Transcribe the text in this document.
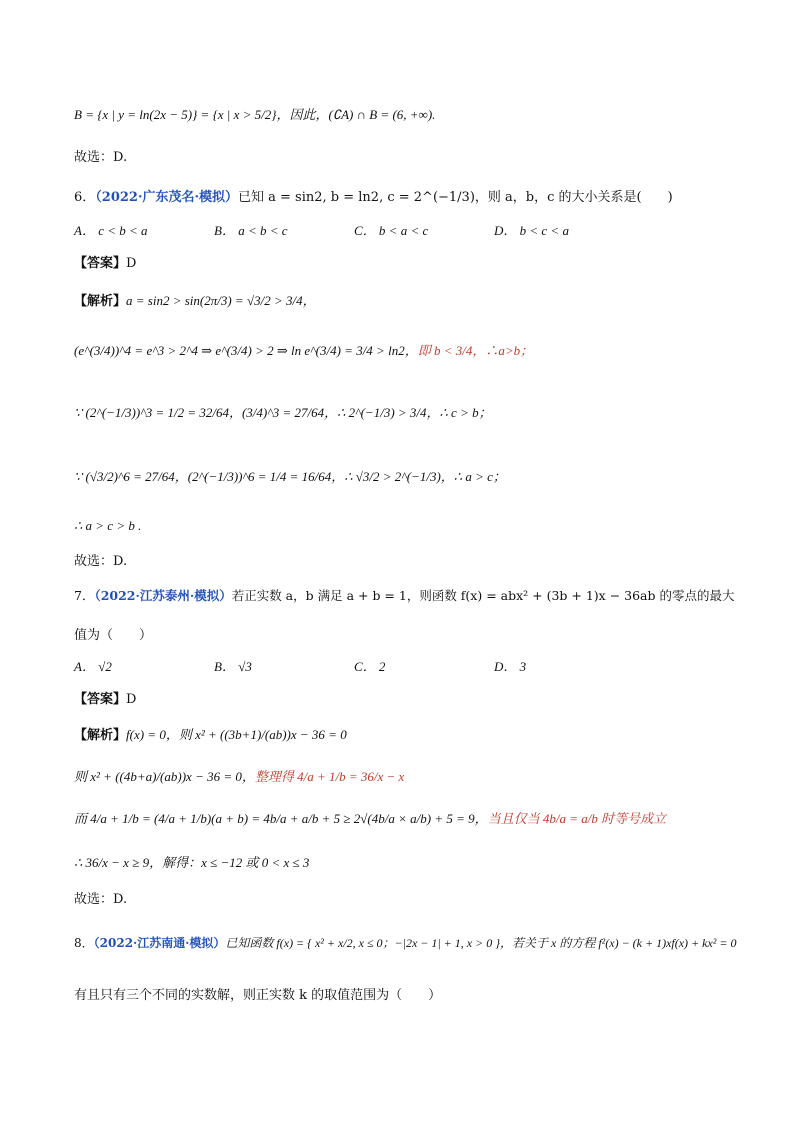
B = {x | y = ln(2x − 5)} = {x | x > 5/2}，因此，(∁A) ∩ B = (6, +∞).
故选：D.
6．（2022·广东茂名·模拟）已知 a = sin2, b = ln2, c = 2^(−1/3)，则 a，b，c 的大小关系是(　　)
A． c < b < a	B． a < b < c	C． b < a < c	D． b < c < a
【答案】D
【解析】a = sin2 > sin(2π/3) = √3/2 > 3/4，
(e^(3/4))^4 = e^3 > 2^4 ⇒ e^(3/4) > 2 ⇒ ln e^(3/4) = 3/4 > ln2，即 b < 3/4，∴a>b；
∵ (2^(−1/3))^3 = 1/2 = 32/64，(3/4)^3 = 27/64，∴ 2^(−1/3) > 3/4，∴ c > b；
∵ (√3/2)^6 = 27/64，(2^(−1/3))^6 = 1/4 = 16/64，∴ √3/2 > 2^(−1/3)，∴ a > c；
∴ a > c > b .
故选：D.
7．（2022·江苏泰州·模拟）若正实数 a，b 满足 a + b = 1，则函数 f(x) = abx² + (3b + 1)x − 36ab 的零点的最大
值为（　　）
A． √2	B． √3	C． 2	D． 3
【答案】D
【解析】f(x) = 0，则 x² + ((3b+1)/(ab))x − 36 = 0
则 x² + ((4b+a)/(ab))x − 36 = 0，整理得 4/a + 1/b = 36/x − x
而 4/a + 1/b = (4/a + 1/b)(a + b) = 4b/a + a/b + 5 ≥ 2√(4b/a × a/b) + 5 = 9，当且仅当 4b/a = a/b 时等号成立
∴ 36/x − x ≥ 9，解得：x ≤ −12 或 0 < x ≤ 3
故选：D.
8．（2022·江苏南通·模拟）已知函数 f(x) = { x² + x/2, x ≤ 0；−|2x − 1| + 1, x > 0 }，若关于 x 的方程 f²(x) − (k + 1)xf(x) + kx² = 0
有且只有三个不同的实数解，则正实数 k 的取值范围为（　　）
